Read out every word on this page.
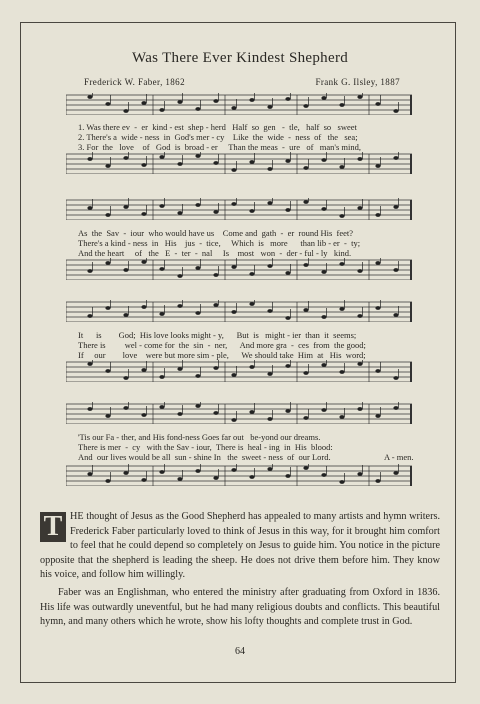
Was There Ever Kindest Shepherd
Frederick W. Faber, 1862	Frank G. Ilsley, 1887
1. Was there ev  -  er  kind - est  shep - herd   Half  so  gen   -  tle,   half  so   sweet
2. There's a  wide - ness  in  God's mer - cy    Like  the  wide  -  ness  of   the   sea;
3. For  the   love    of   God  is  broad - er     Than the meas  -  ure   of   man's mind,
As  the  Sav  -  iour  who would have us    Come and  gath  -  er  round His  feet?
There's a kind - ness  in   His    jus  -  tice,     Which  is   more      than lib - er  -  ty;
And the heart     of   the   E  -  ter  -  nal     Is    most   won  -  der - ful - ly   kind.
It      is        God;  His love looks might - y,      But  is   might - ier  than  it  seems;
There is         wel - come for  the  sin  -  ner,      And more gra  -  ces  from  the good;
If     our        love    were but more sim - ple,      We should take  Him  at   His  word;
'Tis our Fa - ther, and His fond-ness Goes far out   be-yond our dreams.
There is mer  -  cy   with the Sav - iour,  There is  heal - ing  in  His  blood:
And  our lives would be all  sun - shine In   the  sweet - ness  of  our Lord.	A - men.
T HE thought of Jesus as the Good Shepherd has appealed to many artists and hymn writers. Frederick Faber particularly loved to think of Jesus in this way, for it brought him comfort to feel that he could depend so completely on Jesus to guide him. You notice in the picture opposite that the shepherd is leading the sheep. He does not drive them before him. They know his voice, and follow him willingly.
Faber was an Englishman, who entered the ministry after graduating from Oxford in 1836. His life was outwardly uneventful, but he had many religious doubts and conflicts. This beautiful hymn, and many others which he wrote, show his lofty thoughts and complete trust in God.
64
